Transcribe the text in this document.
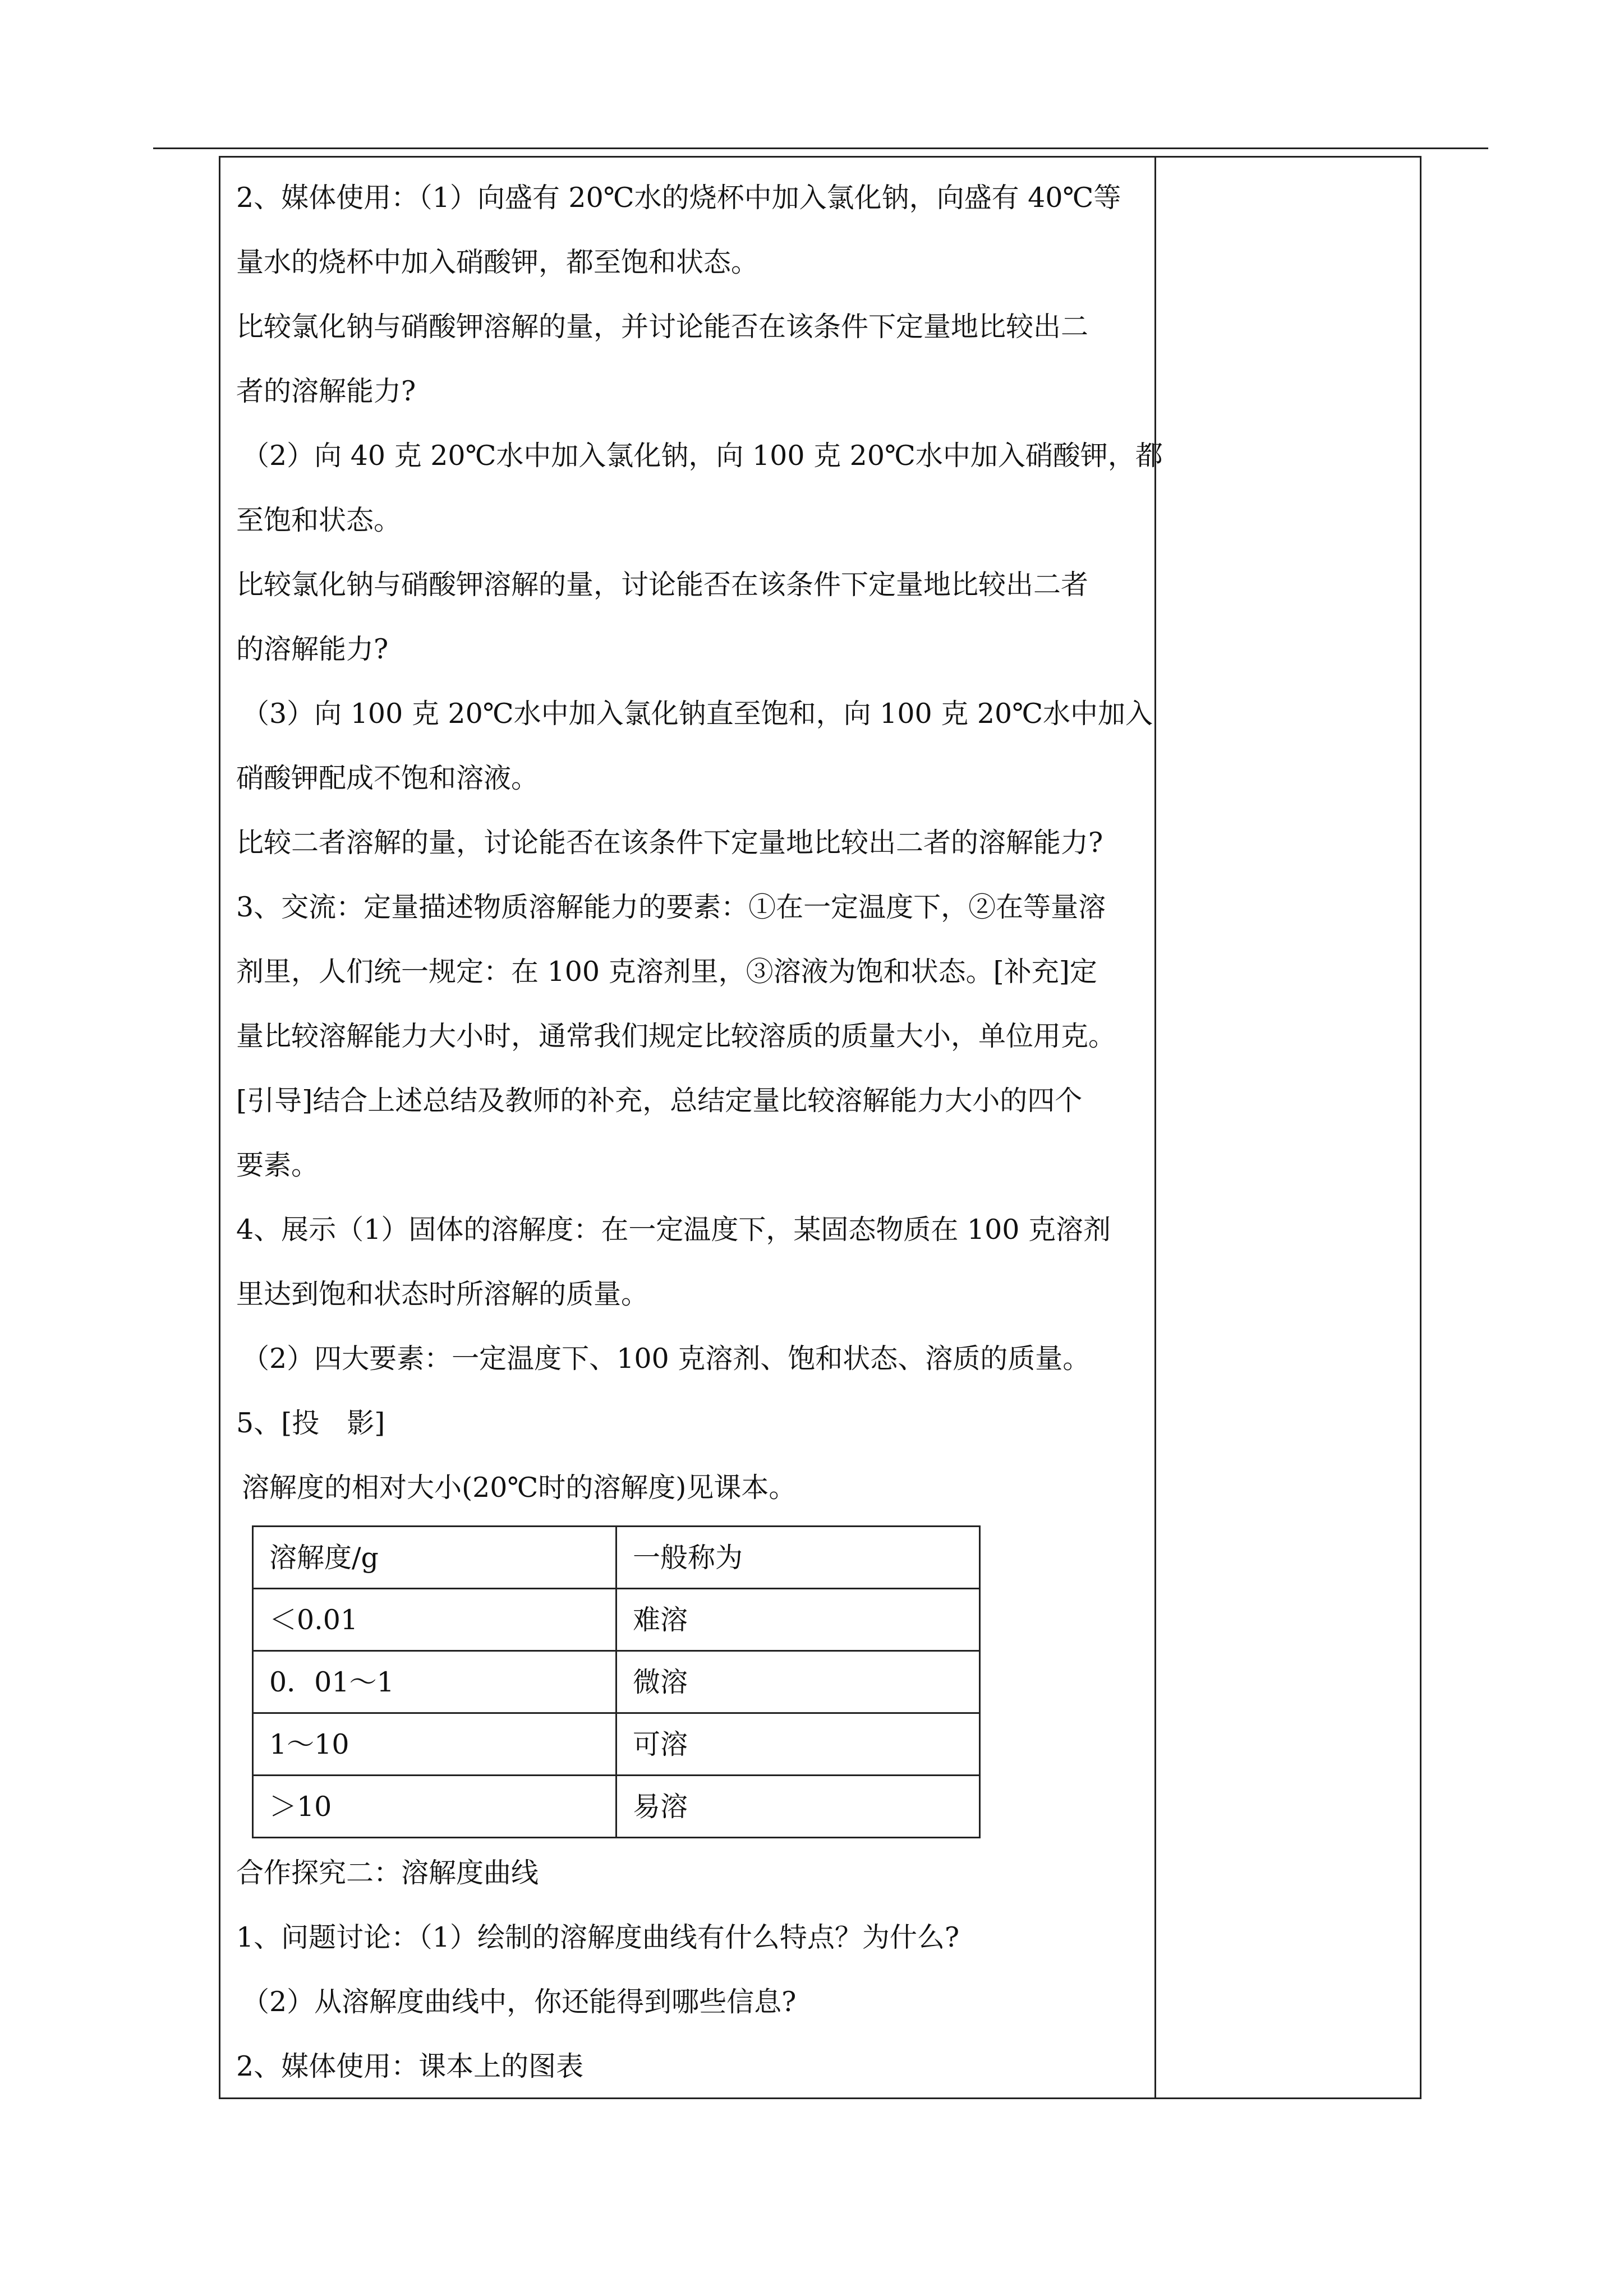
2、媒体使用：（1）向盛有 20℃水的烧杯中加入氯化钠，向盛有 40℃等

量水的烧杯中加入硝酸钾，都至饱和状态。

比较氯化钠与硝酸钾溶解的量，并讨论能否在该条件下定量地比较出二

者的溶解能力?

（2）向 40 克 20℃水中加入氯化钠，向 100 克 20℃水中加入硝酸钾，都

至饱和状态。

比较氯化钠与硝酸钾溶解的量，讨论能否在该条件下定量地比较出二者

的溶解能力?

（3）向 100 克 20℃水中加入氯化钠直至饱和，向 100 克 20℃水中加入

硝酸钾配成不饱和溶液。

比较二者溶解的量，讨论能否在该条件下定量地比较出二者的溶解能力?

3、交流：定量描述物质溶解能力的要素：①在一定温度下，②在等量溶

剂里，人们统一规定：在 100 克溶剂里，③溶液为饱和状态。[补充]定

量比较溶解能力大小时，通常我们规定比较溶质的质量大小，单位用克。

[引导]结合上述总结及教师的补充，总结定量比较溶解能力大小的四个

要素。

4、展示（1）固体的溶解度：在一定温度下，某固态物质在 100 克溶剂

里达到饱和状态时所溶解的质量。

（2）四大要素：一定温度下、100 克溶剂、饱和状态、溶质的质量。

5、[投　影]

溶解度的相对大小(20℃时的溶解度)见课本。

溶解度/g	一般称为
＜0.01	难溶
0．01～1	微溶
1～10	可溶
＞10	易溶

合作探究二：溶解度曲线

1、问题讨论：（1）绘制的溶解度曲线有什么特点？为什么?

（2）从溶解度曲线中，你还能得到哪些信息?

2、媒体使用：课本上的图表
